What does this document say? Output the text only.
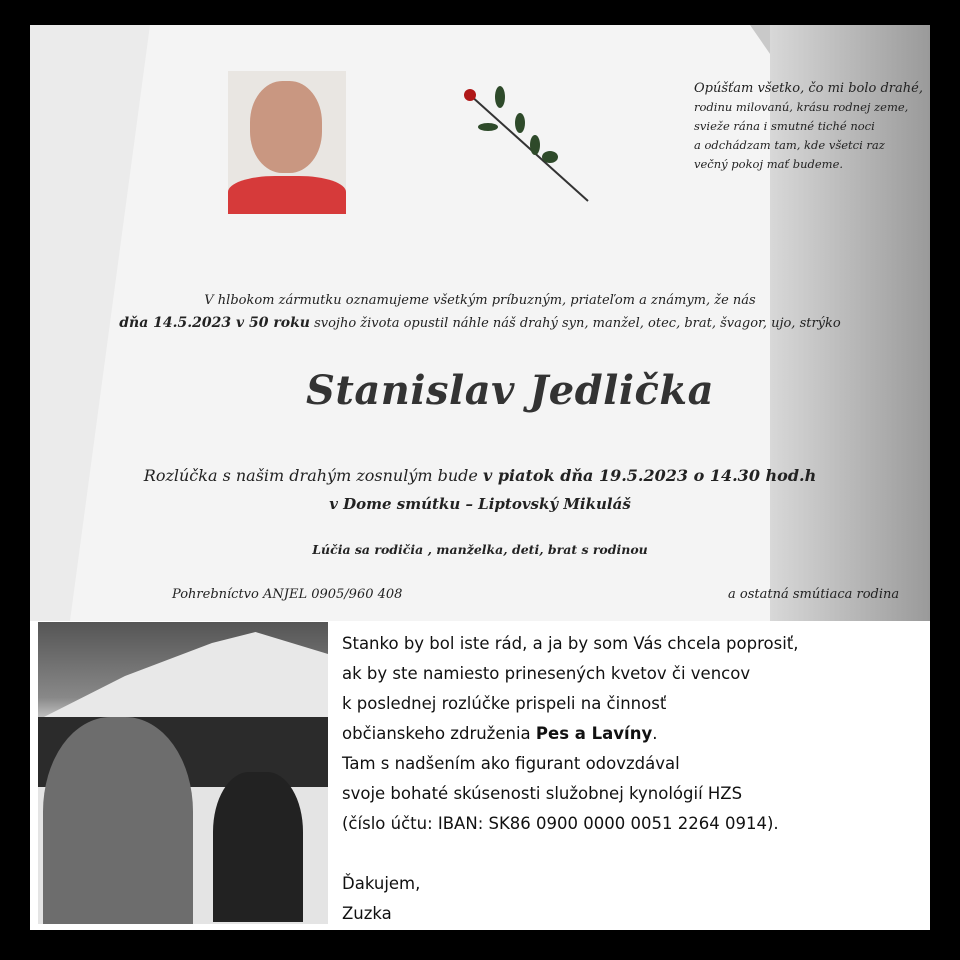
Opúšťam všetko, čo mi bolo drahé,
rodinu milovanú, krásu rodnej zeme,
svieže rána i smutné tiché noci
a odchádzam tam, kde všetci raz
večný pokoj mať budeme.
V hlbokom zármutku oznamujeme všetkým príbuzným, priateľom a známym, že nás
dňa 14.5.2023 v 50 roku svojho života opustil náhle náš drahý syn, manžel, otec, brat, švagor, ujo, strýko
Stanislav Jedlička
Rozlúčka s našim drahým zosnulým bude v piatok dňa 19.5.2023 o 14.30 hod.h
v Dome smútku – Liptovský Mikuláš
Lúčia sa rodičia , manželka, deti, brat s rodinou
Pohrebníctvo ANJEL 0905/960 408	a ostatná smútiaca rodina
Stanko by bol iste rád, a ja by som Vás chcela poprosiť,
ak by ste namiesto prinesených kvetov či vencov
k poslednej rozlúčke prispeli na činnosť
občianskeho združenia Pes a Lavíny.
Tam s nadšením ako figurant odovzdával
svoje bohaté skúsenosti služobnej kynológií HZS
(číslo účtu: IBAN: SK86 0900 0000 0051 2264 0914).
Ďakujem,
Zuzka
